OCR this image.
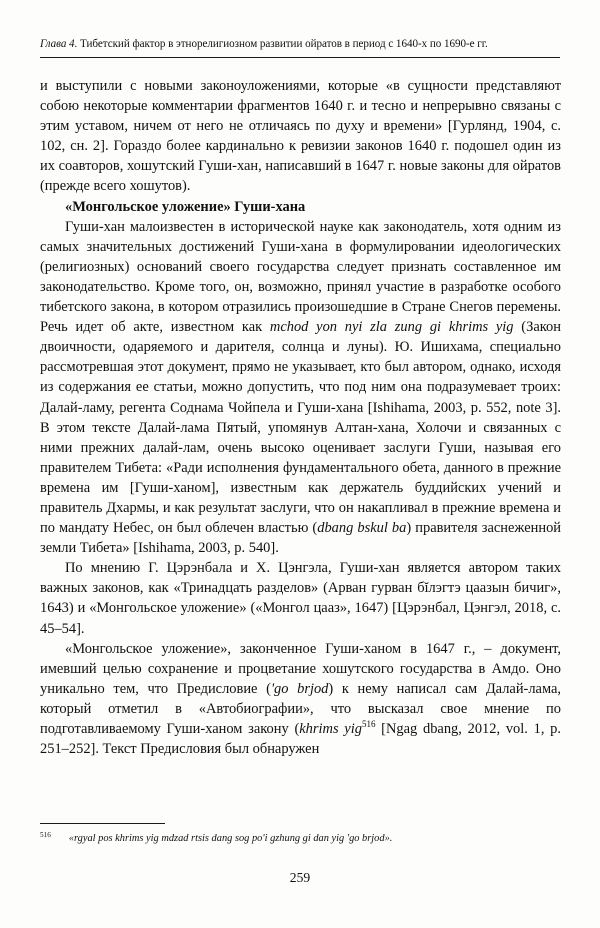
Глава 4. Тибетский фактор в этнорелигиозном развитии ойратов в период с 1640-х по 1690-е гг.

и выступили с новыми законоуложениями, которые «в сущности представляют собою некоторые комментарии фрагментов 1640 г. и тесно и непрерывно связаны с этим уставом, ничем от него не отличаясь по духу и времени» [Гурлянд, 1904, с. 102, сн. 2]. Гораздо более кардинально к ревизии законов 1640 г. подошел один из их соавторов, хошутский Гуши-хан, написавший в 1647 г. новые законы для ойратов (прежде всего хошутов).

«Монгольское уложение» Гуши-хана

Гуши-хан малоизвестен в исторической науке как законодатель, хотя одним из самых значительных достижений Гуши-хана в формулировании идеологических (религиозных) оснований своего государства следует признать составленное им законодательство. Кроме того, он, возможно, принял участие в разработке особого тибетского закона, в котором отразились произошедшие в Стране Снегов перемены. Речь идет об акте, известном как mchod yon nyi zla zung gi khrims yig (Закон двоичности, одаряемого и дарителя, солнца и луны). Ю. Ишихама, специально рассмотревшая этот документ, прямо не указывает, кто был автором, однако, исходя из содержания ее статьи, можно допустить, что под ним она подразумевает троих: Далай-ламу, регента Соднама Чойпела и Гуши-хана [Ishihama, 2003, p. 552, note 3]. В этом тексте Далай-лама Пятый, упомянув Алтан-хана, Холочи и связанных с ними прежних далай-лам, очень высоко оценивает заслуги Гуши, называя его правителем Тибета: «Ради исполнения фундаментального обета, данного в прежние времена им [Гуши-ханом], известным как держатель буддийских учений и правитель Дхармы, и как результат заслуги, что он накапливал в прежние времена и по мандату Небес, он был облечен властью (dbang bskul ba) правителя заснеженной земли Тибета» [Ishihama, 2003, p. 540].

По мнению Г. Цэрэнбала и Х. Цэнгэла, Гуши-хан является автором таких важных законов, как «Тринадцать разделов» (Арван гурван бĭлэгтэ цаазын бичиг», 1643) и «Монгольское уложение» («Монгол цааз», 1647) [Цэрэнбал, Цэнгэл, 2018, с. 45–54].

«Монгольское уложение», законченное Гуши-ханом в 1647 г., – документ, имевший целью сохранение и процветание хошутского государства в Амдо. Оно уникально тем, что Предисловие ('go brjod) к нему написал сам Далай-лама, который отметил в «Автобиографии», что высказал свое мнение по подготавливаемому Гуши-ханом закону (khrims yig$^{516}$ [Ngag dbang, 2012, vol. 1, p. 251–252]. Текст Предисловия был обнаружен

$^{516}$ «rgyal pos khrims yig mdzad rtsis dang sog po'i gzhung gi dan yig 'go brjod».
259
